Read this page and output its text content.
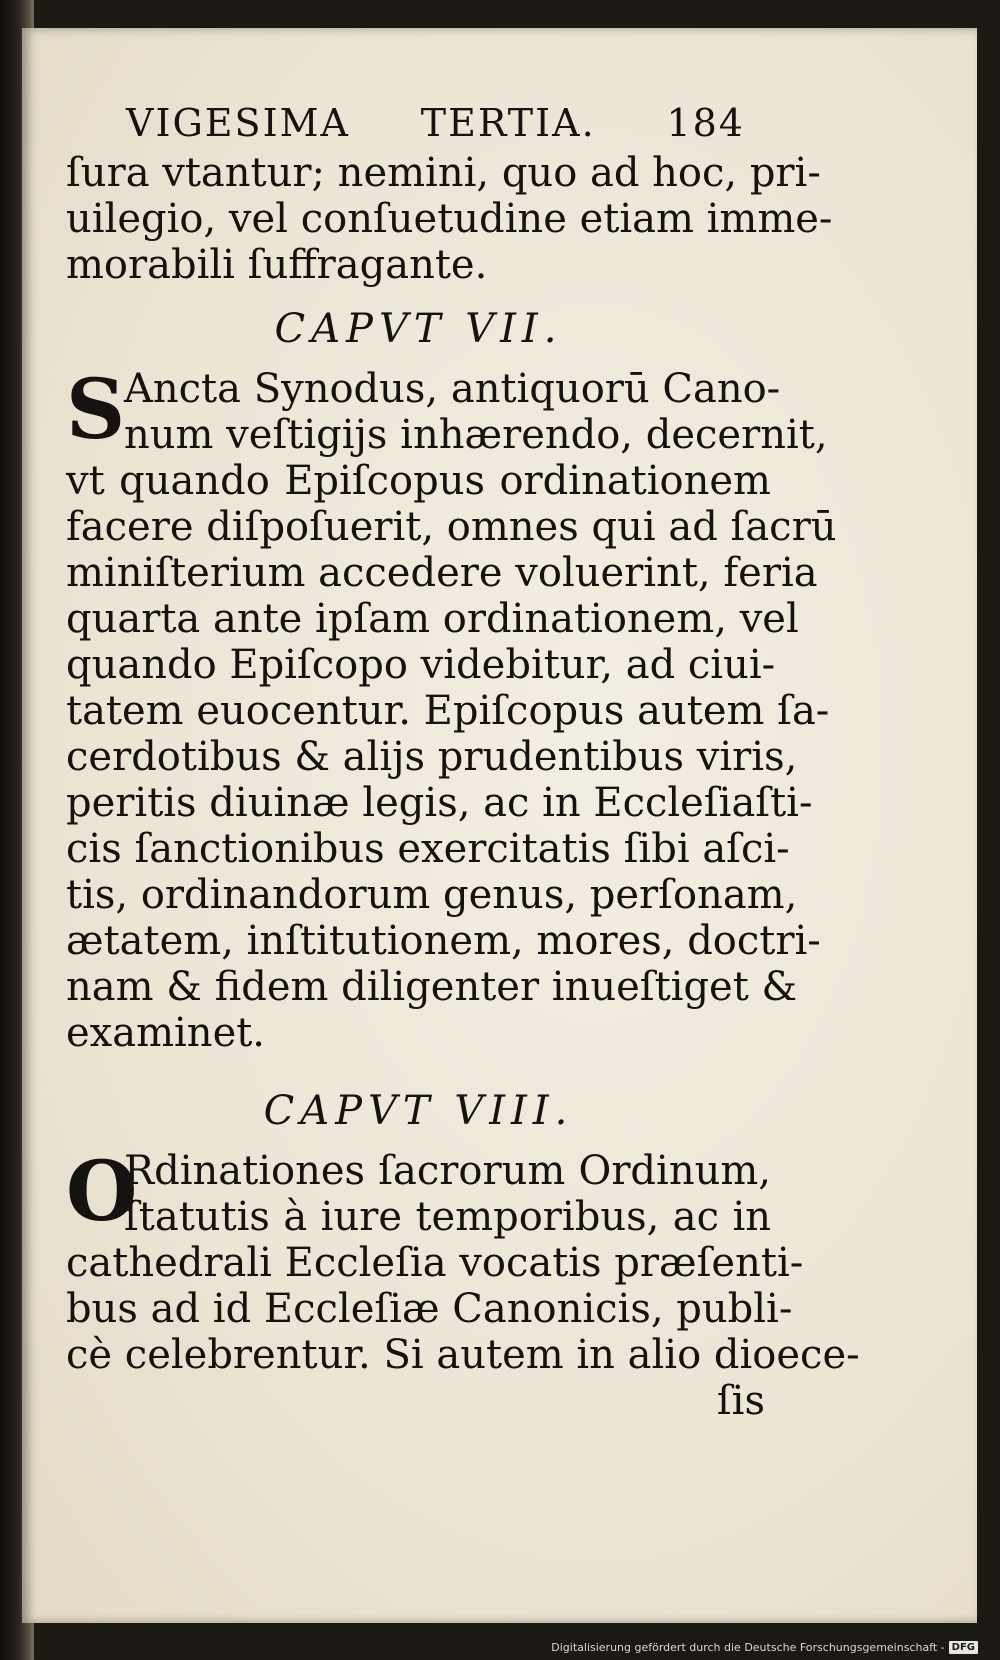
VIGESIMA TERTIA. 184

ſura vtantur; nemini, quo ad hoc, pri-

uilegio, vel conſuetudine etiam imme-

morabili ſuffragante.

CAPVT VII.
S

Ancta Synodus, antiquorū Cano-

num veſtigijs inhærendo, decernit,

vt quando Epiſcopus ordinationem

facere diſpoſuerit, omnes qui ad ſacrū

miniſterium accedere voluerint, feria

quarta ante ipſam ordinationem, vel

quando Epiſcopo videbitur, ad ciui-

tatem euocentur. Epiſcopus autem ſa-

cerdotibus & alijs prudentibus viris,

peritis diuinæ legis, ac in Eccleſiaſti-

cis ſanctionibus exercitatis ſibi aſci-

tis, ordinandorum genus, perſonam,

ætatem, inſtitutionem, mores, doctri-

nam & fidem diligenter inueſtiget &

examinet.

CAPVT VIII.
O

Rdinationes ſacrorum Ordinum,

ſtatutis à iure temporibus, ac in

cathedrali Eccleſia vocatis præſenti-

bus ad id Eccleſiæ Canonicis, publi-

cè celebrentur. Si autem in alio dioece-

ſis

Digitalisierung gefördert durch die Deutsche Forschungsgemeinschaft - DFG
